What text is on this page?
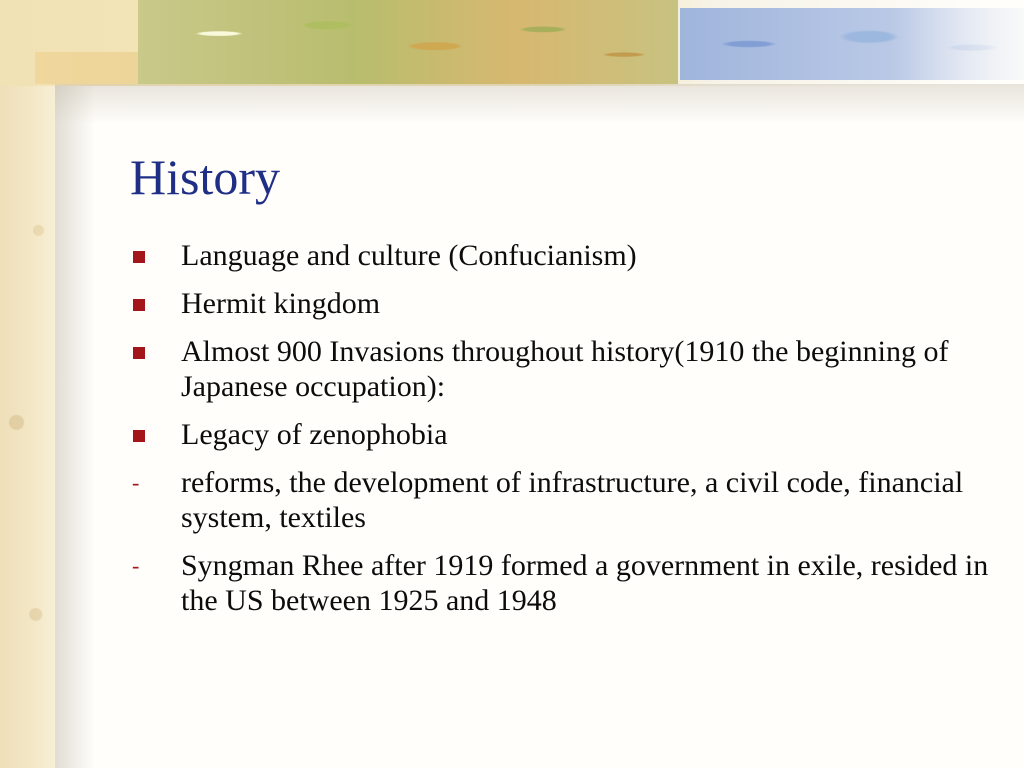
History
Language and culture (Confucianism)
Hermit kingdom
Almost 900 Invasions throughout history(1910 the beginning of Japanese occupation):
Legacy of zenophobia
- reforms, the development of infrastructure, a civil code, financial system, textiles
- Syngman Rhee after 1919 formed a government in exile, resided in the US between 1925 and 1948
